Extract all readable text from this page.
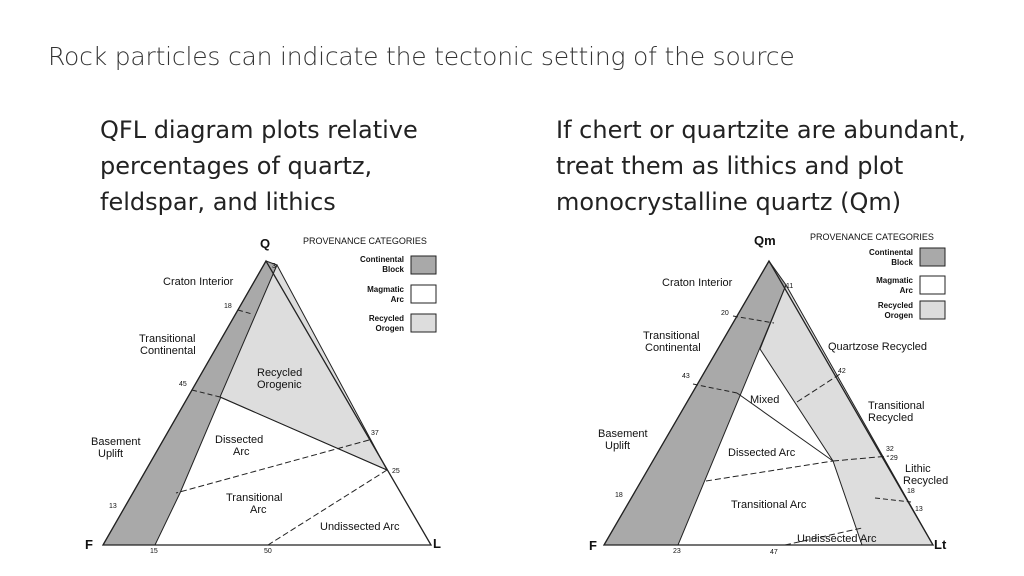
Rock particles can indicate the tectonic setting of the source
QFL diagram plots relative
percentages of quartz,
feldspar, and lithics
If chert or quartzite are abundant,
treat them as lithics and plot
monocrystalline quartz (Qm)
Q
F	L
Craton Interior
Transitional
Continental
Basement
Uplift
Recycled
Orogenic
Dissected
Arc
Transitional
Arc
Undissected Arc
3
18
45
13
37
25
15	50
PROVENANCE CATEGORIES
Continental
Block
Magmatic
Arc
Recycled
Orogen
Qm
F	Lt
Craton Interior
Transitional
Continental
Basement
Uplift
Quartzose Recycled
Mixed	Transitional
Recycled
Dissected Arc
Lithic
Recycled
Transitional Arc
Undissected Arc
11
20
43
18
42
32
29
18
13
23	47
PROVENANCE CATEGORIES
Continental
Block
Magmatic
Arc
Recycled
Orogen
